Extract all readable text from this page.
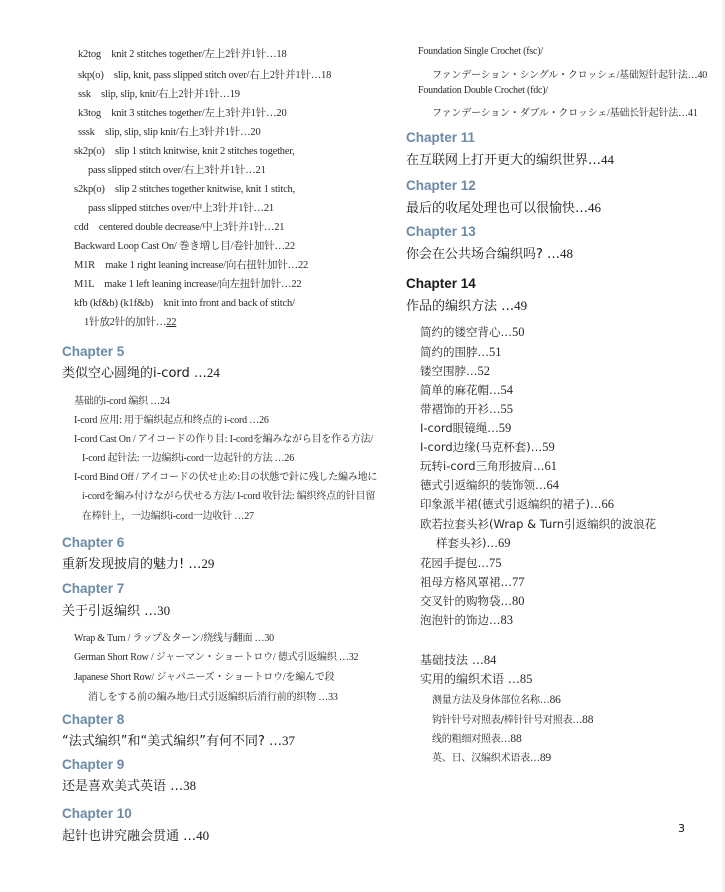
k2tog　knit 2 stitches together/左上2针并1针…18
skp(o)　slip, knit, pass slipped stitch over/右上2针并1针…18
ssk　slip, slip, knit/右上2针并1针…19
k3tog　knit 3 stitches together/左上3针并1针…20
sssk　slip, slip, slip knit/右上3针并1针…20
sk2p(o)　slip 1 stitch knitwise, knit 2 stitches together,
pass slipped stitch over/右上3针并1针…21
s2kp(o)　slip 2 stitches together knitwise, knit 1 stitch,
pass slipped stitches over/中上3针并1针…21
cdd　centered double decrease/中上3针并1针…21
Backward Loop Cast On/ 巻き増し目/卷针加针…22
M1R　make 1 right leaning increase/向右扭针加针…22
M1L　make 1 left leaning increase/向左扭针加针…22
kfb (kf&b) (k1f&b)　knit into front and back of stitch/
1针放2针的加针…22
Chapter 5
类似空心圆绳的i-cord …24
基础的i-cord 编织 …24
I-cord 应用: 用于编织起点和终点的 i-cord …26
I-cord Cast On / アイコードの作り目: I-cordを編みながら目を作る方法/
I-cord 起针法: 一边编织i-cord一边起针的方法 …26
I-cord Bind Off / アイコードの伏せ止め:目の状態で針に残した編み地に
i-cordを編み付けながら伏せる方法/ I-cord 收针法: 编织终点的针目留
在棒针上，一边编织i-cord一边收针 …27
Chapter 6
重新发现披肩的魅力! …29
Chapter 7
关于引返编织 …30
Wrap & Turn / ラップ＆ターン/绕线与翻面 …30
German Short Row / ジャーマン・ショートロウ/ 德式引返编织 …32
Japanese Short Row/ ジャパニーズ・ショートロウ/を編んで段
消しをする前の編み地/日式引返编织后消行前的织物 …33
Chapter 8
“法式编织”和“美式编织”有何不同? …37
Chapter 9
还是喜欢美式英语 …38
Chapter 10
起针也讲究融会贯通 …40
Foundation Single Crochet (fsc)/
ファンデーション・シングル・クロッシェ/基础短针起针法…40
Foundation Double Crochet (fdc)/
ファンデーション・ダブル・クロッシェ/基础长针起针法…41
Chapter 11
在互联网上打开更大的编织世界…44
Chapter 12
最后的收尾处理也可以很愉快…46
Chapter 13
你会在公共场合编织吗? …48
Chapter 14
作品的编织方法 …49
简约的镂空背心…50
简约的围脖…51
镂空围脖…52
简单的麻花帽…54
带褶饰的开衫…55
I-cord眼镜绳…59
I-cord边缘(马克杯套)…59
玩转i-cord三角形披肩…61
德式引返编织的装饰领…64
印象派半裙(德式引返编织的裙子)…66
欧若拉套头衫(Wrap & Turn引返编织的波浪花
样套头衫)…69
花园手提包…75
祖母方格风罩裙…77
交叉针的购物袋…80
泡泡针的饰边…83
基础技法 …84
实用的编织术语 …85
测量方法及身体部位名称…86
钩针针号对照表/棒针针号对照表…88
线的粗细对照表…88
英、日、汉编织术语表…89
3
